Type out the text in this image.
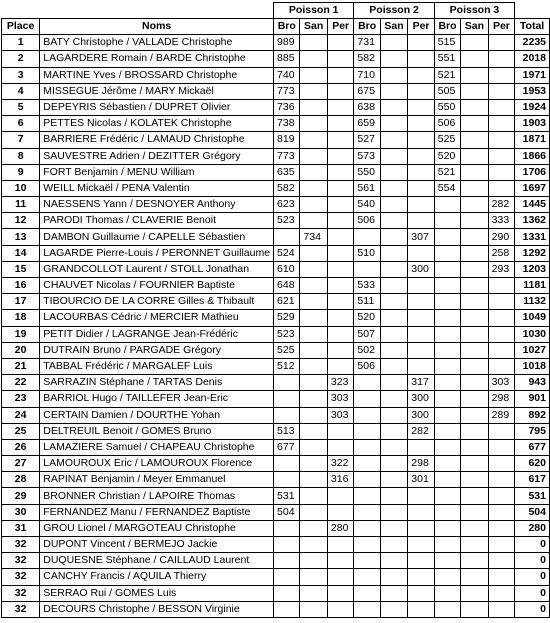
		Poisson 1			Poisson 2			Poisson 3			
Place	Noms	Bro	San	Per	Bro	San	Per	Bro	San	Per	Total
1	BATY Christophe / VALLADE Christophe	989			731			515			2235
2	LAGARDERE Romain / BARDE Christophe	885			582			551			2018
3	MARTINE Yves / BROSSARD Christophe	740			710			521			1971
4	MISSEGUE Jérôme / MARY Mickaël	773			675			505			1953
5	DEPEYRIS Sébastien / DUPRET Olivier	736			638			550			1924
6	PETTES Nicolas / KOLATEK Christophe	738			659			506			1903
7	BARRIERE Frédéric / LAMAUD Christophe	819			527			525			1871
8	SAUVESTRE Adrien / DEZITTER Grégory	773			573			520			1866
9	FORT Benjamin / MENU William	635			550			521			1706
10	WEILL Mickaël / PENA Valentin	582			561			554			1697
11	NAESSENS Yann / DESNOYER Anthony	623			540					282	1445
12	PARODI Thomas / CLAVERIE Benoit	523			506					333	1362
13	DAMBON Guillaume / CAPELLE Sébastien		734				307			290	1331
14	LAGARDE Pierre-Louis / PERONNET Guillaume	524			510					258	1292
15	GRANDCOLLOT Laurent / STOLL Jonathan	610					300			293	1203
16	CHAUVET Nicolas / FOURNIER Baptiste	648			533						1181
17	TIBOURCIO DE LA CORRE Gilles & Thibault	621			511						1132
18	LACOURBAS Cédric / MERCIER Mathieu	529			520						1049
19	PETIT Didier / LAGRANGE Jean-Frédéric	523			507						1030
20	DUTRAIN Bruno / PARGADE Grégory	525			502						1027
21	TABBAL Frédéric / MARGALEF Luis	512			506						1018
22	SARRAZIN Stéphane / TARTAS Denis			323			317			303	943
23	BARRIOL Hugo / TAILLEFER Jean-Eric			303			300			298	901
24	CERTAIN Damien / DOURTHE Yohan			303			300			289	892
25	DELTREUIL Benoit / GOMES Bruno	513					282				795
26	LAMAZIERE Samuel / CHAPEAU Christophe	677									677
27	LAMOUROUX Eric / LAMOUROUX Florence			322			298				620
28	RAPINAT Benjamin / Meyer Emmanuel			316			301				617
29	BRONNER Christian / LAPOIRE Thomas	531									531
30	FERNANDEZ Manu / FERNANDEZ Baptiste	504									504
31	GROU Lionel / MARGOTEAU Christophe			280							280
32	DUPONT Vincent / BERMEJO Jackie										0
32	DUQUESNE Stéphane / CAILLAUD Laurent										0
32	CANCHY Francis / AQUILA Thierry										0
32	SERRAO Rui / GOMES Luis										0
32	DECOURS Christophe / BESSON Virginie										0
